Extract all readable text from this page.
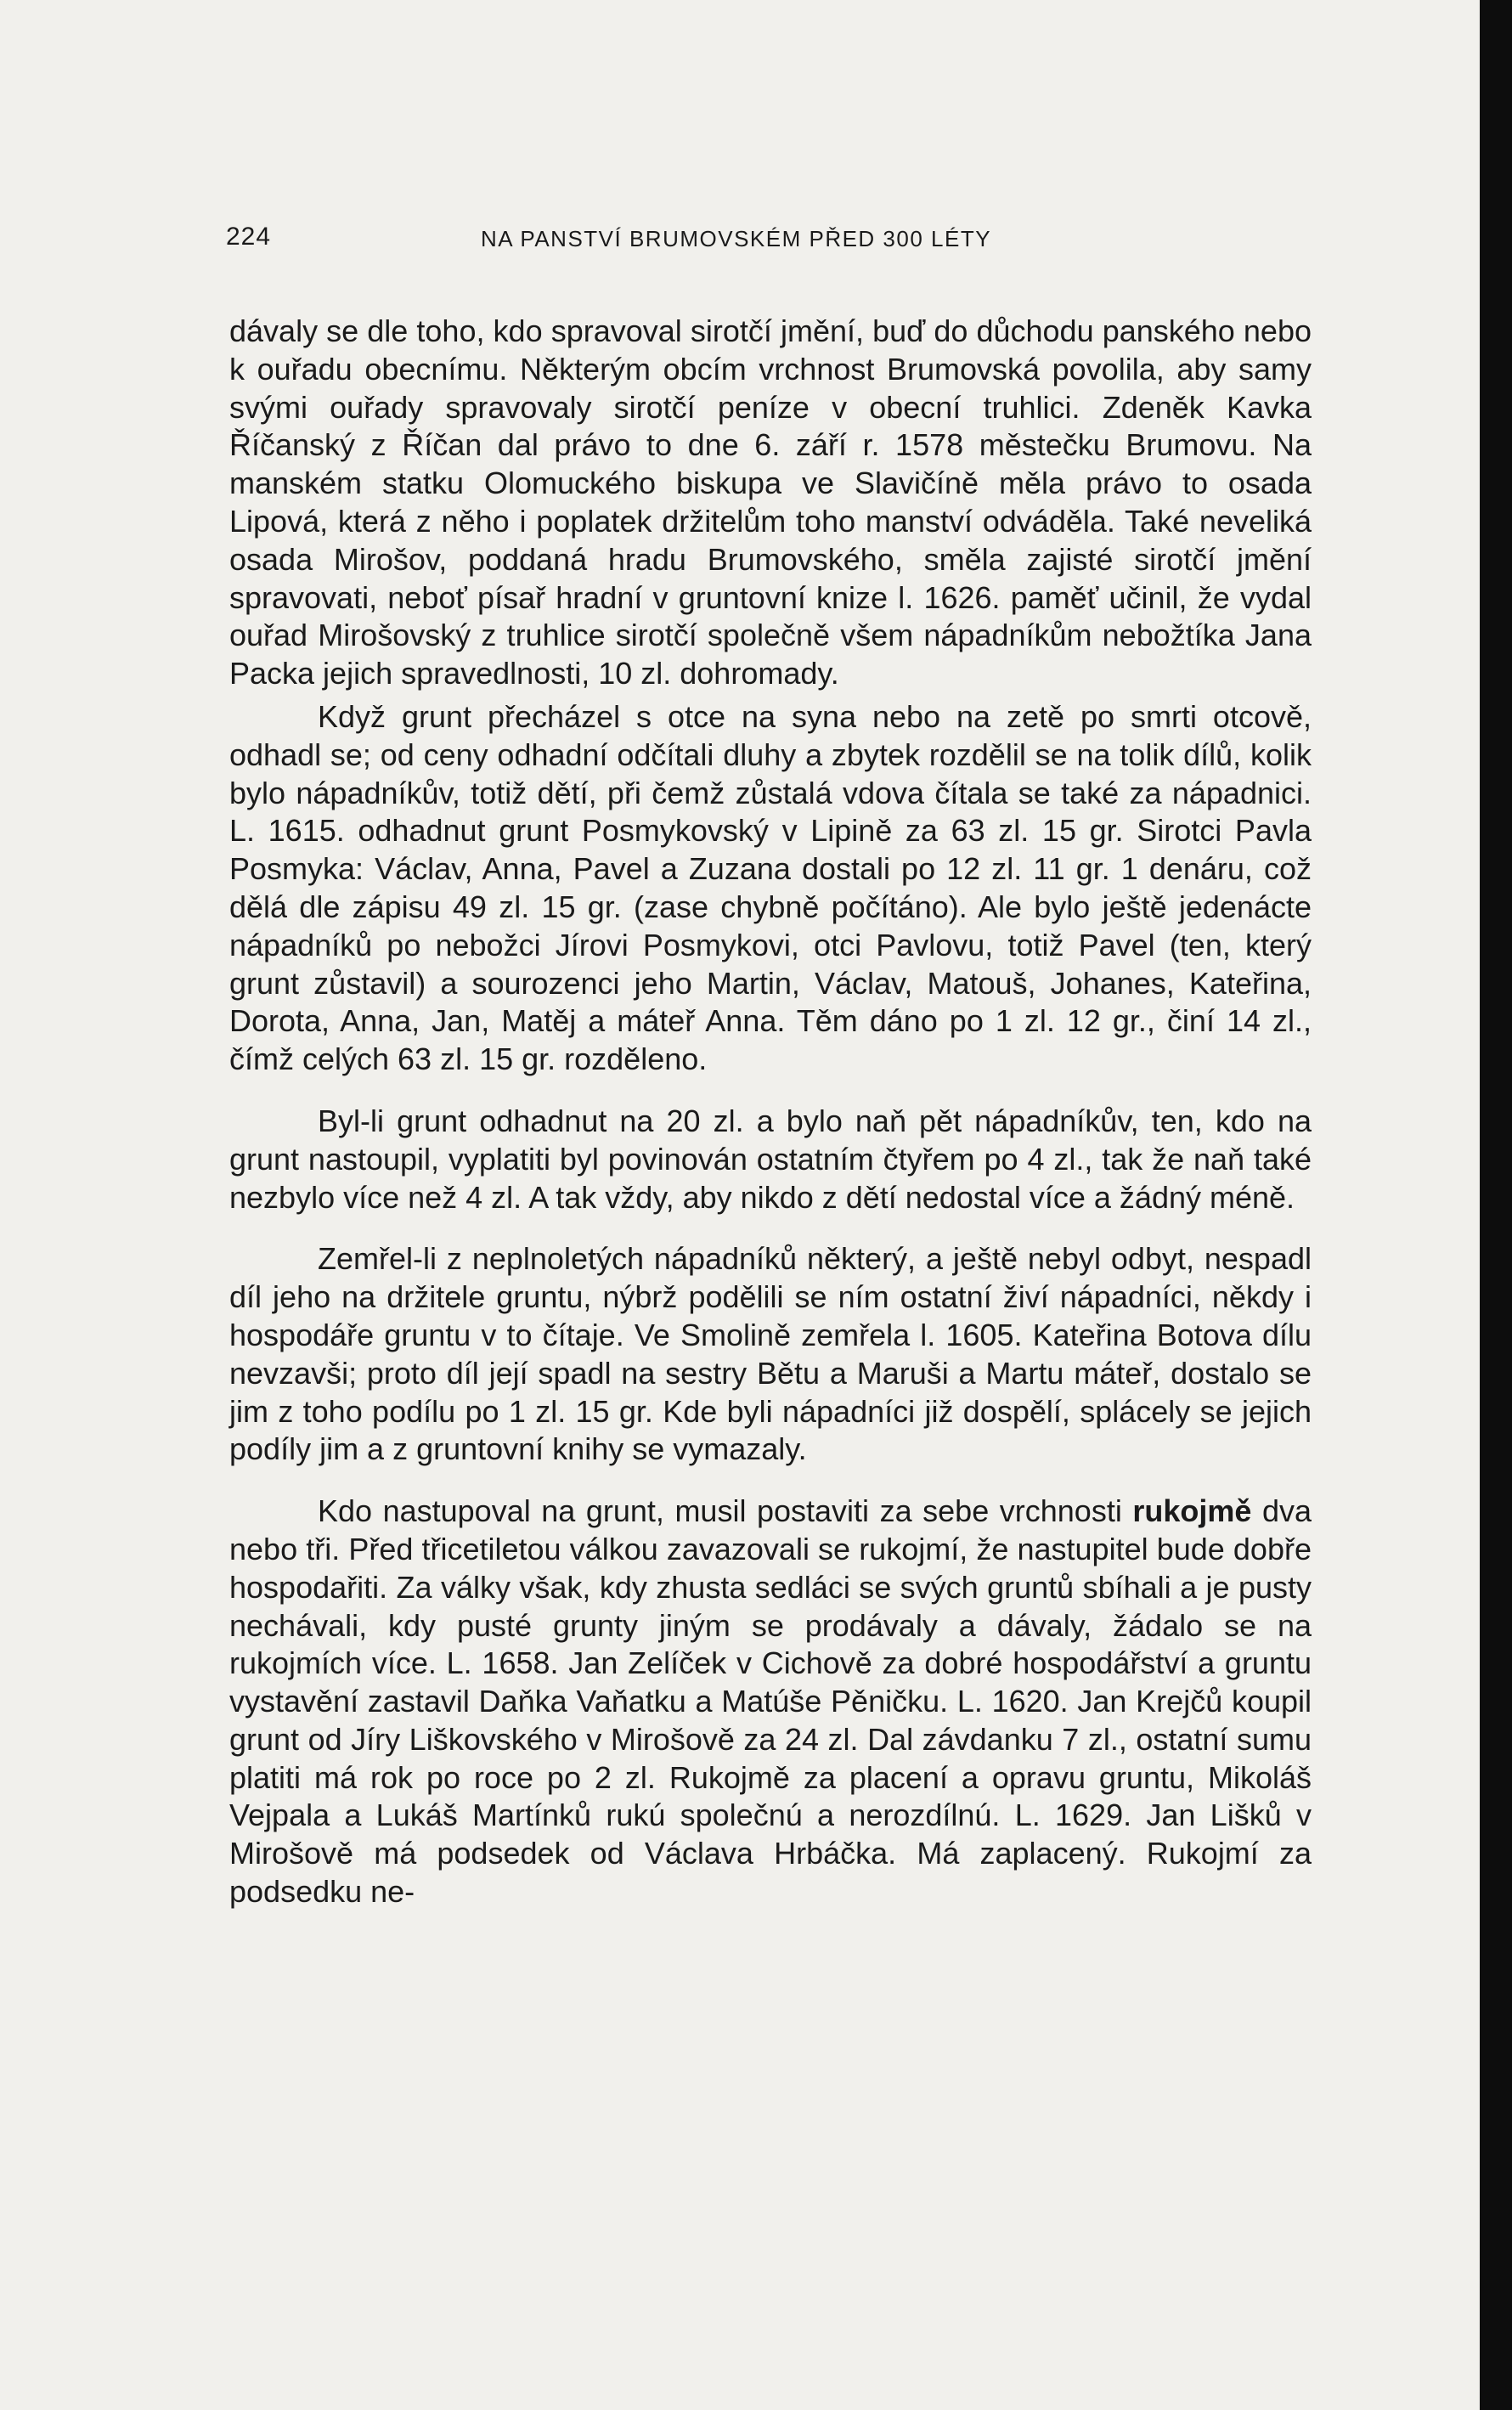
224	NA PANSTVÍ BRUMOVSKÉM PŘED 300 LÉTY

dávaly se dle toho, kdo spravoval sirotčí jmění, buď do důchodu panského nebo k ouřadu obecnímu. Některým obcím vrchnost Brumovská povolila, aby samy svými ouřady spravovaly sirotčí peníze v obecní truhlici. Zdeněk Kavka Říčanský z Říčan dal právo to dne 6. září r. 1578 městečku Brumovu. Na manském statku Olomuckého biskupa ve Slavičíně měla právo to osada Lipová, která z něho i poplatek držitelům toho manství odváděla. Také neveliká osada Mirošov, poddaná hradu Brumovského, směla zajisté sirotčí jmění spravovati, neboť písař hradní v gruntovní knize l. 1626. paměť učinil, že vydal ouřad Mirošovský z truhlice sirotčí společně všem nápadníkům nebožtíka Jana Packa jejich spravedlnosti, 10 zl. dohromady.

Když grunt přecházel s otce na syna nebo na zetě po smrti otcově, odhadl se; od ceny odhadní odčítali dluhy a zbytek rozdělil se na tolik dílů, kolik bylo nápadníkův, totiž dětí, při čemž zůstalá vdova čítala se také za nápadnici. L. 1615. odhadnut grunt Posmykovský v Lipině za 63 zl. 15 gr. Sirotci Pavla Posmyka: Václav, Anna, Pavel a Zuzana dostali po 12 zl. 11 gr. 1 denáru, což dělá dle zápisu 49 zl. 15 gr. (zase chybně počítáno). Ale bylo ještě jedenácte nápadníků po nebožci Jírovi Posmykovi, otci Pavlovu, totiž Pavel (ten, který grunt zůstavil) a sourozenci jeho Martin, Václav, Matouš, Johanes, Kateřina, Dorota, Anna, Jan, Matěj a máteř Anna. Těm dáno po 1 zl. 12 gr., činí 14 zl., čímž celých 63 zl. 15 gr. rozděleno.

Byl-li grunt odhadnut na 20 zl. a bylo naň pět nápadníkův, ten, kdo na grunt nastoupil, vyplatiti byl povinován ostatním čtyřem po 4 zl., tak že naň také nezbylo více než 4 zl. A tak vždy, aby nikdo z dětí nedostal více a žádný méně.

Zemřel-li z neplnoletých nápadníků některý, a ještě nebyl odbyt, nespadl díl jeho na držitele gruntu, nýbrž podělili se ním ostatní živí nápadníci, někdy i hospodáře gruntu v to čítaje. Ve Smolině zemřela l. 1605. Kateřina Botova dílu nevzavši; proto díl její spadl na sestry Bětu a Maruši a Martu máteř, dostalo se jim z toho podílu po 1 zl. 15 gr. Kde byli nápadníci již dospělí, splácely se jejich podíly jim a z gruntovní knihy se vymazaly.

Kdo nastupoval na grunt, musil postaviti za sebe vrchnosti rukojmě dva nebo tři. Před třicetiletou válkou zavazovali se rukojmí, že nastupitel bude dobře hospodařiti. Za války však, kdy zhusta sedláci se svých gruntů sbíhali a je pusty nechávali, kdy pusté grunty jiným se prodávaly a dávaly, žádalo se na rukojmích více. L. 1658. Jan Zelíček v Cichově za dobré hospodářství a gruntu vystavění zastavil Daňka Vaňatku a Matúše Pěničku. L. 1620. Jan Krejčů koupil grunt od Jíry Liškovského v Mirošově za 24 zl. Dal závdanku 7 zl., ostatní sumu platiti má rok po roce po 2 zl. Rukojmě za placení a opravu gruntu, Mikoláš Vejpala a Lukáš Martínků rukú společnú a nerozdílnú. L. 1629. Jan Lišků v Mirošově má podsedek od Václava Hrbáčka. Má zaplacený. Rukojmí za podsedku ne-
